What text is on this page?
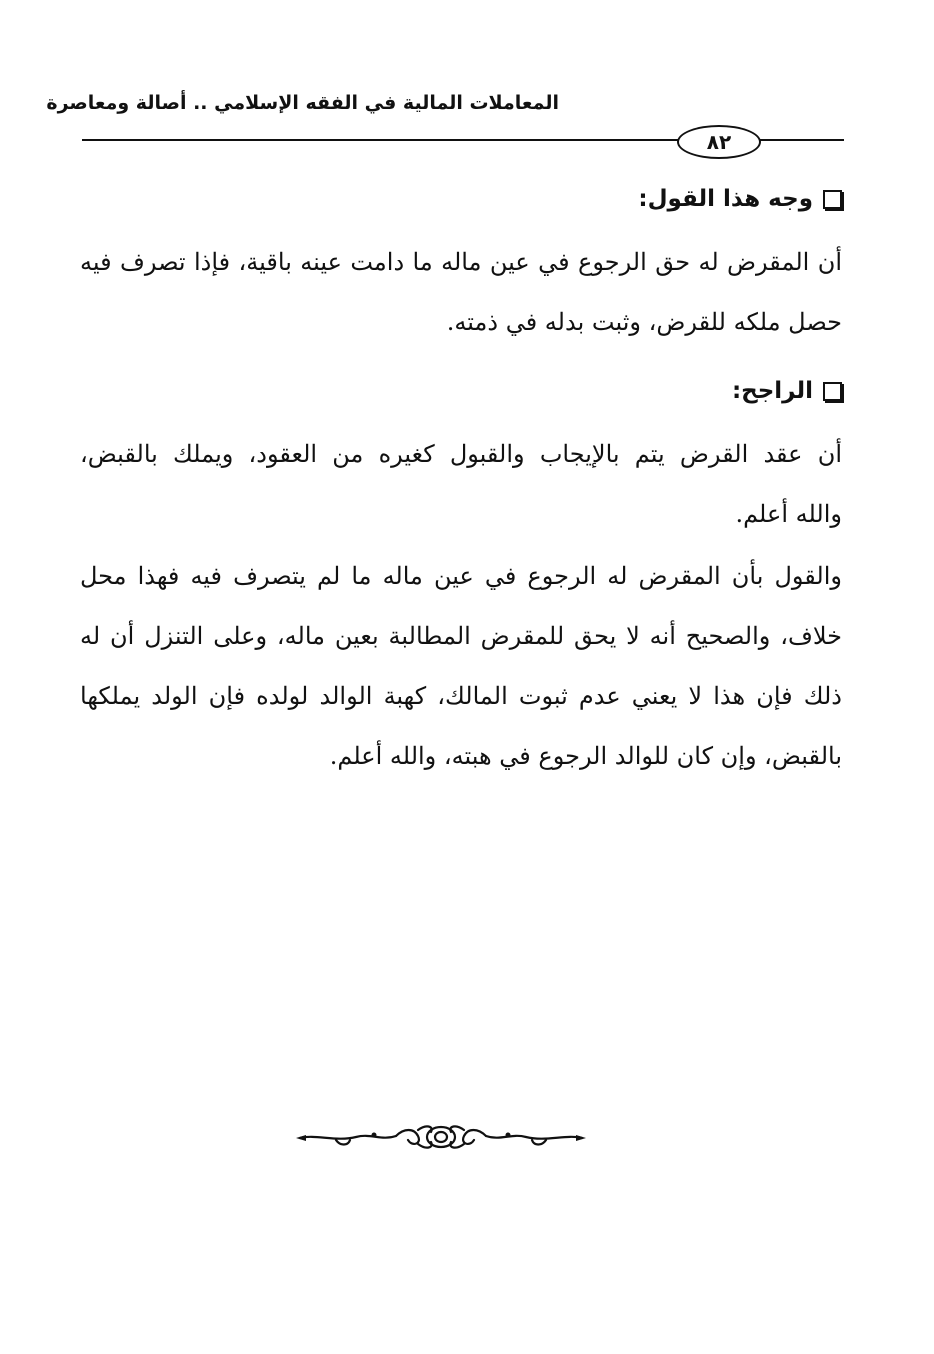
المعاملات المالية في الفقه الإسلامي .. أصالة ومعاصرة
٨٢
وجه هذا القول:
أن المقرض له حق الرجوع في عين ماله ما دامت عينه باقية، فإذا تصرف فيه
حصل ملكه للقرض، وثبت بدله في ذمته.
الراجح:
أن عقد القرض يتم بالإيجاب والقبول كغيره من العقود، ويملك بالقبض،
والله أعلم.
والقول بأن المقرض له الرجوع في عين ماله ما لم يتصرف فيه فهذا محل
خلاف، والصحيح أنه لا يحق للمقرض المطالبة بعين ماله، وعلى التنزل أن له
ذلك فإن هذا لا يعني عدم ثبوت المالك، كهبة الوالد لولده فإن الولد يملكها
بالقبض، وإن كان للوالد الرجوع في هبته، والله أعلم.
